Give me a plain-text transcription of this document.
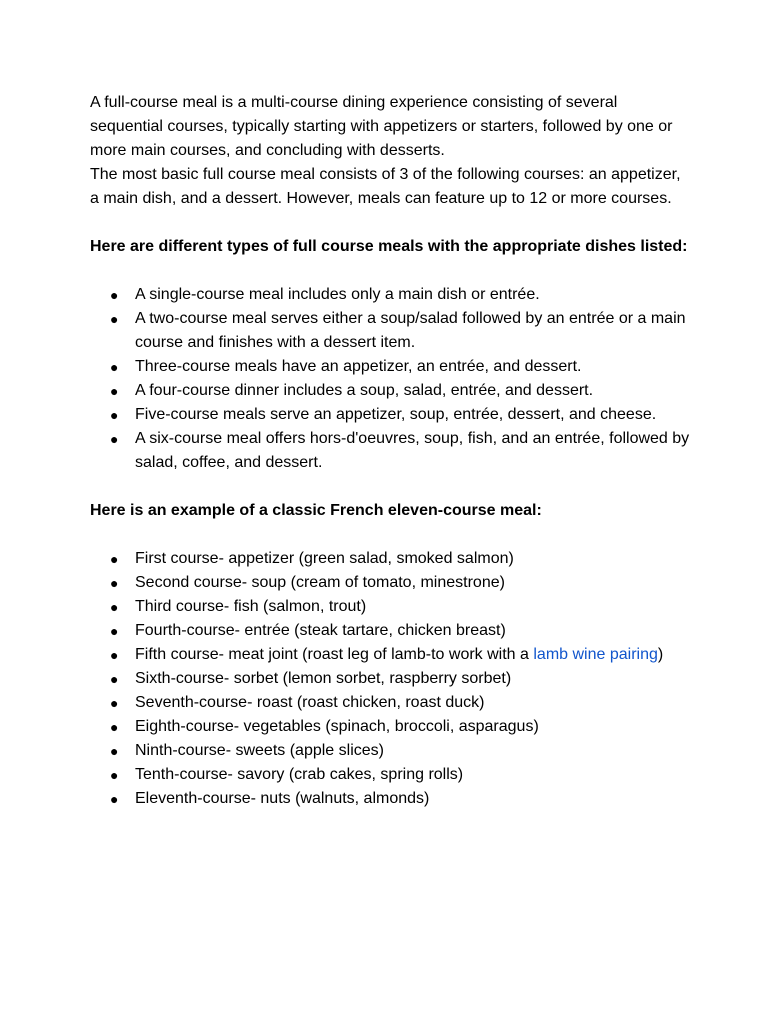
A full-course meal is a multi-course dining experience consisting of several sequential courses, typically starting with appetizers or starters, followed by one or more main courses, and concluding with desserts.

The most basic full course meal consists of 3 of the following courses: an appetizer, a main dish, and a dessert. However, meals can feature up to 12 or more courses.

Here are different types of full course meals with the appropriate dishes listed:

● A single-course meal includes only a main dish or entrée.
● A two-course meal serves either a soup/salad followed by an entrée or a main course and finishes with a dessert item.
● Three-course meals have an appetizer, an entrée, and dessert.
● A four-course dinner includes a soup, salad, entrée, and dessert.
● Five-course meals serve an appetizer, soup, entrée, dessert, and cheese.
● A six-course meal offers hors-d'oeuvres, soup, fish, and an entrée, followed by salad, coffee, and dessert.

Here is an example of a classic French eleven-course meal:

● First course- appetizer (green salad, smoked salmon)
● Second course- soup (cream of tomato, minestrone)
● Third course- fish (salmon, trout)
● Fourth-course- entrée (steak tartare, chicken breast)
● Fifth course- meat joint (roast leg of lamb-to work with a lamb wine pairing)
● Sixth-course- sorbet (lemon sorbet, raspberry sorbet)
● Seventh-course- roast (roast chicken, roast duck)
● Eighth-course- vegetables (spinach, broccoli, asparagus)
● Ninth-course- sweets (apple slices)
● Tenth-course- savory (crab cakes, spring rolls)
● Eleventh-course- nuts (walnuts, almonds)
